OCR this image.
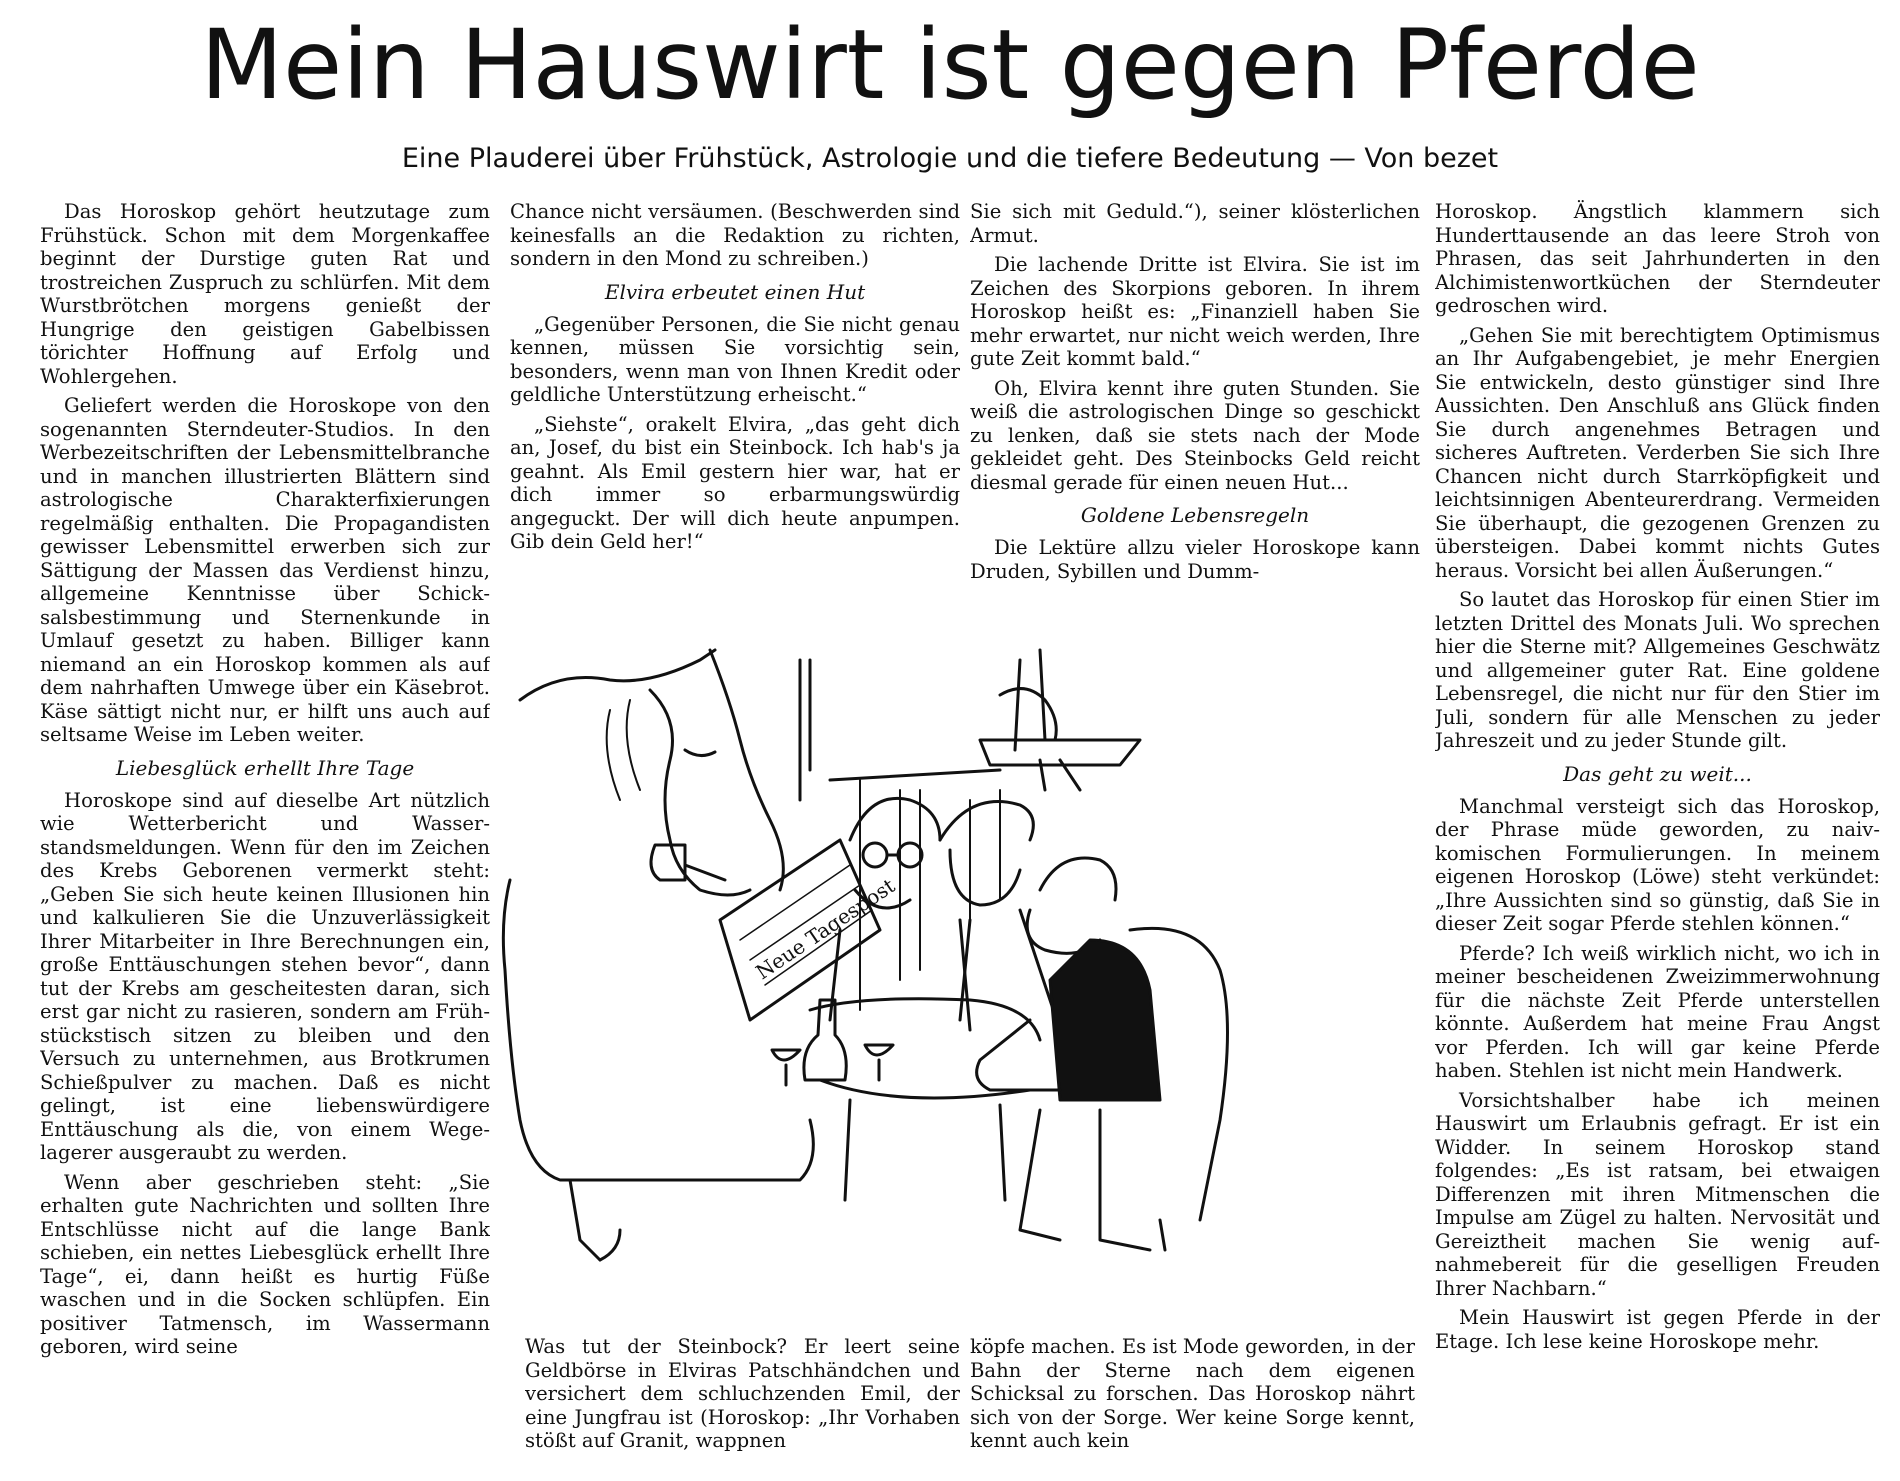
Mein Hauswirt ist gegen Pferde
Eine Plauderei über Frühstück, Astrologie und die tiefere Bedeutung — Von bezet

Das Horoskop gehört heutzutage zum Frühstück. Schon mit dem Morgenkaffee beginnt der Durstige guten Rat und trostreichen Zuspruch zu schlürfen. Mit dem Wurstbrötchen morgens genießt der Hungrige den geistigen Gabelbissen törichter Hoffnung auf Erfolg und Wohlergehen.

Geliefert werden die Horoskope von den sogenannten Sterndeuter-Studios. In den Werbezeitschriften der Lebensmittelbranche und in manchen illustrierten Blättern sind astrologische Charakterfixierungen regelmäßig enthalten. Die Propagandisten gewisser Lebensmittel erwerben sich zur Sättigung der Massen das Verdienst hinzu, allgemeine Kenntnisse über Schicksalsbestimmung und Sternenkunde in Umlauf gesetzt zu haben. Billiger kann niemand an ein Horoskop kommen als auf dem nahrhaften Umwege über ein Käsebrot. Käse sättigt nicht nur, er hilft uns auch auf seltsame Weise im Leben weiter.

Liebesglück erhellt Ihre Tage

Horoskope sind auf dieselbe Art nützlich wie Wetterbericht und Wasserstandsmeldungen. Wenn für den im Zeichen des Krebs Geborenen vermerkt steht: „Geben Sie sich heute keinen Illusionen hin und kalkulieren Sie die Unzuverlässigkeit Ihrer Mitarbeiter in Ihre Berechnungen ein, große Enttäuschungen stehen bevor“, dann tut der Krebs am gescheitesten daran, sich erst gar nicht zu rasieren, sondern am Frühstückstisch sitzen zu bleiben und den Versuch zu unternehmen, aus Brotkrumen Schießpulver zu machen. Daß es nicht gelingt, ist eine liebenswürdigere Enttäuschung als die, von einem Wegelagerer ausgeraubt zu werden.

Wenn aber geschrieben steht: „Sie erhalten gute Nachrichten und sollten Ihre Entschlüsse nicht auf die lange Bank schieben, ein nettes Liebesglück erhellt Ihre Tage“, ei, dann heißt es hurtig Füße waschen und in die Socken schlüpfen. Ein positiver Tatmensch, im Wassermann geboren, wird seine

Chance nicht versäumen. (Beschwerden sind keinesfalls an die Redaktion zu richten, sondern in den Mond zu schreiben.)

Elvira erbeutet einen Hut

„Gegenüber Personen, die Sie nicht genau kennen, müssen Sie vorsichtig sein, besonders, wenn man von Ihnen Kredit oder geldliche Unterstützung erheischt.“

„Siehste“, orakelt Elvira, „das geht dich an, Josef, du bist ein Steinbock. Ich hab's ja geahnt. Als Emil gestern hier war, hat er dich immer so erbarmungswürdig angeguckt. Der will dich heute anpumpen. Gib dein Geld her!“

Sie sich mit Geduld.“), seiner klösterlichen Armut.

Die lachende Dritte ist Elvira. Sie ist im Zeichen des Skorpions geboren. In ihrem Horoskop heißt es: „Finanziell haben Sie mehr erwartet, nur nicht weich werden, Ihre gute Zeit kommt bald.“

Oh, Elvira kennt ihre guten Stunden. Sie weiß die astrologischen Dinge so geschickt zu lenken, daß sie stets nach der Mode gekleidet geht. Des Steinbocks Geld reicht diesmal gerade für einen neuen Hut...

Goldene Lebensregeln

Die Lektüre allzu vieler Horoskope kann Druden, Sybillen und Dumm-

Horoskop. Ängstlich klammern sich Hunderttausende an das leere Stroh von Phrasen, das seit Jahrhunderten in den Alchimistenwortküchen der Sterndeuter gedroschen wird.

„Gehen Sie mit berechtigtem Optimismus an Ihr Aufgabengebiet, je mehr Energien Sie entwickeln, desto günstiger sind Ihre Aussichten. Den Anschluß ans Glück finden Sie durch angenehmes Betragen und sicheres Auftreten. Verderben Sie sich Ihre Chancen nicht durch Starrköpfigkeit und leichtsinnigen Abenteurerdrang. Vermeiden Sie überhaupt, die gezogenen Grenzen zu übersteigen. Dabei kommt nichts Gutes heraus. Vorsicht bei allen Äußerungen.“

So lautet das Horoskop für einen Stier im letzten Drittel des Monats Juli. Wo sprechen hier die Sterne mit? Allgemeines Geschwätz und allgemeiner guter Rat. Eine goldene Lebensregel, die nicht nur für den Stier im Juli, sondern für alle Menschen zu jeder Jahreszeit und zu jeder Stunde gilt.

Das geht zu weit...

Manchmal versteigt sich das Horoskop, der Phrase müde geworden, zu naiv-komischen Formulierungen. In meinem eigenen Horoskop (Löwe) steht verkündet: „Ihre Aussichten sind so günstig, daß Sie in dieser Zeit sogar Pferde stehlen können.“

Pferde? Ich weiß wirklich nicht, wo ich in meiner bescheidenen Zweizimmerwohnung für die nächste Zeit Pferde unterstellen könnte. Außerdem hat meine Frau Angst vor Pferden. Ich will gar keine Pferde haben. Stehlen ist nicht mein Handwerk.

Vorsichtshalber habe ich meinen Hauswirt um Erlaubnis gefragt. Er ist ein Widder. In seinem Horoskop stand folgendes: „Es ist ratsam, bei etwaigen Differenzen mit ihren Mitmenschen die Impulse am Zügel zu halten. Nervosität und Gereiztheit machen Sie wenig aufnahmebereit für die geselligen Freuden Ihrer Nachbarn.“

Mein Hauswirt ist gegen Pferde in der Etage. Ich lese keine Horoskope mehr.

Was tut der Steinbock? Er leert seine Geldbörse in Elviras Patschhändchen und versichert dem schluchzenden Emil, der eine Jungfrau ist (Horoskop: „Ihr Vorhaben stößt auf Granit, wappnen

köpfe machen. Es ist Mode geworden, in der Bahn der Sterne nach dem eigenen Schicksal zu forschen. Das Horoskop nährt sich von der Sorge. Wer keine Sorge kennt, kennt auch kein

Neue Tagespost
